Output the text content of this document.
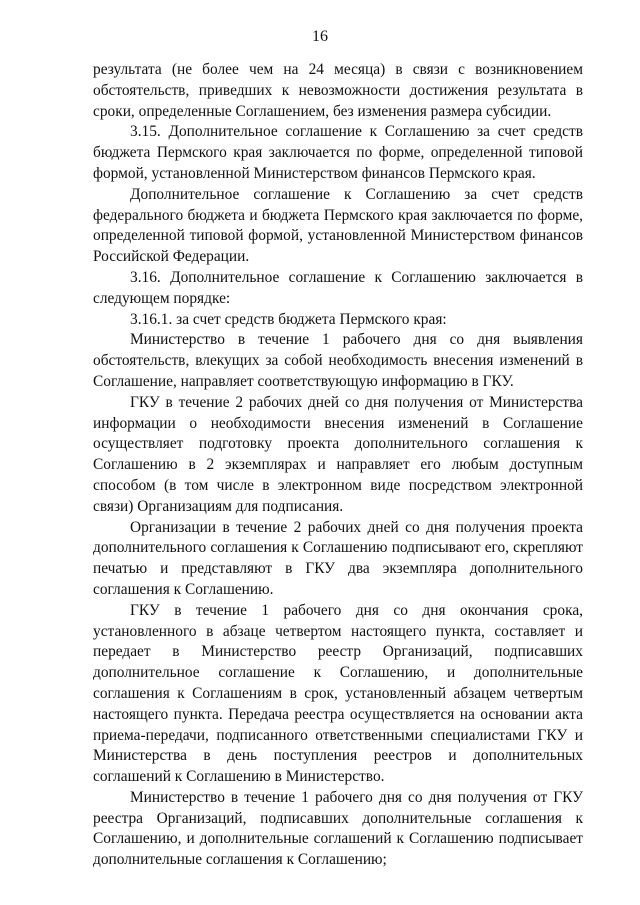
16

результата (не более чем на 24 месяца) в связи с возникновением обстоятельств, приведших к невозможности достижения результата в сроки, определенные Соглашением, без изменения размера субсидии.

3.15. Дополнительное соглашение к Соглашению за счет средств бюджета Пермского края заключается по форме, определенной типовой формой, установленной Министерством финансов Пермского края.

Дополнительное соглашение к Соглашению за счет средств федерального бюджета и бюджета Пермского края заключается по форме, определенной типовой формой, установленной Министерством финансов Российской Федерации.

3.16. Дополнительное соглашение к Соглашению заключается в следующем порядке:

3.16.1. за счет средств бюджета Пермского края:

Министерство в течение 1 рабочего дня со дня выявления обстоятельств, влекущих за собой необходимость внесения изменений в Соглашение, направляет соответствующую информацию в ГКУ.

ГКУ в течение 2 рабочих дней со дня получения от Министерства информации о необходимости внесения изменений в Соглашение осуществляет подготовку проекта дополнительного соглашения к Соглашению в 2 экземплярах и направляет его любым доступным способом (в том числе в электронном виде посредством электронной связи) Организациям для подписания.

Организации в течение 2 рабочих дней со дня получения проекта дополнительного соглашения к Соглашению подписывают его, скрепляют печатью и представляют в ГКУ два экземпляра дополнительного соглашения к Соглашению.

ГКУ в течение 1 рабочего дня со дня окончания срока, установленного в абзаце четвертом настоящего пункта, составляет и передает в Министерство реестр Организаций, подписавших дополнительное соглашение к Соглашению, и дополнительные соглашения к Соглашениям в срок, установленный абзацем четвертым настоящего пункта. Передача реестра осуществляется на основании акта приема-передачи, подписанного ответственными специалистами ГКУ и Министерства в день поступления реестров и дополнительных соглашений к Соглашению в Министерство.

Министерство в течение 1 рабочего дня со дня получения от ГКУ реестра Организаций, подписавших дополнительные соглашения к Соглашению, и дополнительные соглашений к Соглашению подписывает дополнительные соглашения к Соглашению;
